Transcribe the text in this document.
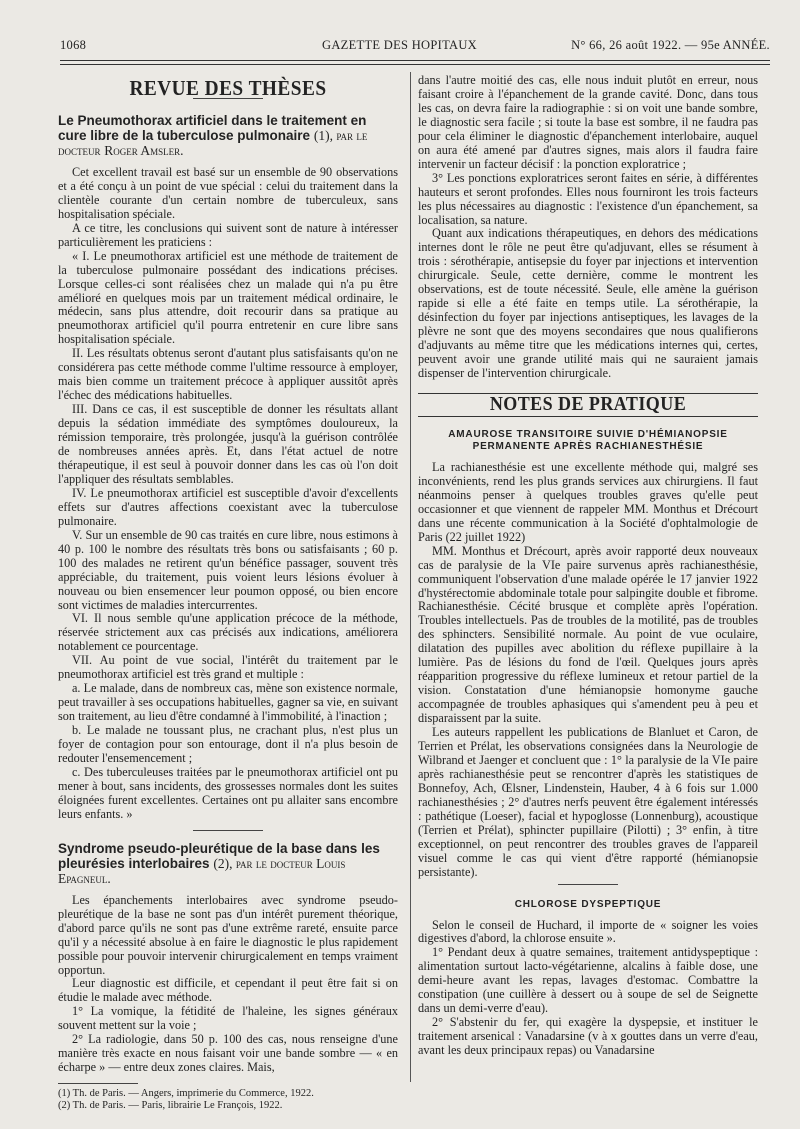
1068	GAZETTE DES HOPITAUX	N° 66, 26 août 1922. — 95e ANNÉE.
REVUE DES THÈSES
Le Pneumothorax artificiel dans le traitement en cure libre de la tuberculose pulmonaire (1), par le docteur Roger Amsler.

Cet excellent travail est basé sur un ensemble de 90 observations et a été conçu à un point de vue spécial : celui du traitement dans la clientèle courante d'un certain nombre de tuberculeux, sans hospitalisation spéciale.

A ce titre, les conclusions qui suivent sont de nature à intéresser particulièrement les praticiens :

« I. Le pneumothorax artificiel est une méthode de traitement de la tuberculose pulmonaire possédant des indications précises. Lorsque celles-ci sont réalisées chez un malade qui n'a pu être amélioré en quelques mois par un traitement médical ordinaire, le médecin, sans plus attendre, doit recourir dans sa pratique au pneumothorax artificiel qu'il pourra entretenir en cure libre sans hospitalisation spéciale.

II. Les résultats obtenus seront d'autant plus satisfaisants qu'on ne considérera pas cette méthode comme l'ultime ressource à employer, mais bien comme un traitement précoce à appliquer aussitôt après l'échec des médications habituelles.

III. Dans ce cas, il est susceptible de donner les résultats allant depuis la sédation immédiate des symptômes douloureux, la rémission temporaire, très prolongée, jusqu'à la guérison contrôlée de nombreuses années après. Et, dans l'état actuel de notre thérapeutique, il est seul à pouvoir donner dans les cas où l'on doit l'appliquer des résultats semblables.

IV. Le pneumothorax artificiel est susceptible d'avoir d'excellents effets sur d'autres affections coexistant avec la tuberculose pulmonaire.

V. Sur un ensemble de 90 cas traités en cure libre, nous estimons à 40 p. 100 le nombre des résultats très bons ou satisfaisants ; 60 p. 100 des malades ne retirent qu'un bénéfice passager, souvent très appréciable, du traitement, puis voient leurs lésions évoluer à nouveau ou bien ensemencer leur poumon opposé, ou bien encore sont victimes de maladies intercurrentes.

VI. Il nous semble qu'une application précoce de la méthode, réservée strictement aux cas précisés aux indications, améliorera notablement ce pourcentage.

VII. Au point de vue social, l'intérêt du traitement par le pneumothorax artificiel est très grand et multiple :

a. Le malade, dans de nombreux cas, mène son existence normale, peut travailler à ses occupations habituelles, gagner sa vie, en suivant son traitement, au lieu d'être condamné à l'immobilité, à l'inaction ;

b. Le malade ne toussant plus, ne crachant plus, n'est plus un foyer de contagion pour son entourage, dont il n'a plus besoin de redouter l'ensemencement ;

c. Des tuberculeuses traitées par le pneumothorax artificiel ont pu mener à bout, sans incidents, des grossesses normales dont les suites éloignées furent excellentes. Certaines ont pu allaiter sans encombre leurs enfants. »

Syndrome pseudo-pleurétique de la base dans les pleurésies interlobaires (2), par le docteur Louis Epagneul.

Les épanchements interlobaires avec syndrome pseudo-pleurétique de la base ne sont pas d'un intérêt purement théorique, d'abord parce qu'ils ne sont pas d'une extrême rareté, ensuite parce qu'il y a nécessité absolue à en faire le diagnostic le plus rapidement possible pour pouvoir intervenir chirurgicalement en temps vraiment opportun.

Leur diagnostic est difficile, et cependant il peut être fait si on étudie le malade avec méthode.

1° La vomique, la fétidité de l'haleine, les signes généraux souvent mettent sur la voie ;

2° La radiologie, dans 50 p. 100 des cas, nous renseigne d'une manière très exacte en nous faisant voir une bande sombre — « en écharpe » — entre deux zones claires. Mais,

(1) Th. de Paris. — Angers, imprimerie du Commerce, 1922.

(2) Th. de Paris. — Paris, librairie Le François, 1922.

dans l'autre moitié des cas, elle nous induit plutôt en erreur, nous faisant croire à l'épanchement de la grande cavité. Donc, dans tous les cas, on devra faire la radiographie : si on voit une bande sombre, le diagnostic sera facile ; si toute la base est sombre, il ne faudra pas pour cela éliminer le diagnostic d'épanchement interlobaire, auquel on aura été amené par d'autres signes, mais alors il faudra faire intervenir un facteur décisif : la ponction exploratrice ;

3° Les ponctions exploratrices seront faites en série, à différentes hauteurs et seront profondes. Elles nous fourniront les trois facteurs les plus nécessaires au diagnostic : l'existence d'un épanchement, sa localisation, sa nature.

Quant aux indications thérapeutiques, en dehors des médications internes dont le rôle ne peut être qu'adjuvant, elles se résument à trois : sérothérapie, antisepsie du foyer par injections et intervention chirurgicale. Seule, cette dernière, comme le montrent les observations, est de toute nécessité. Seule, elle amène la guérison rapide si elle a été faite en temps utile. La sérothérapie, la désinfection du foyer par injections antiseptiques, les lavages de la plèvre ne sont que des moyens secondaires que nous qualifierons d'adjuvants au même titre que les médications internes qui, certes, peuvent avoir une grande utilité mais qui ne sauraient jamais dispenser de l'intervention chirurgicale.

NOTES DE PRATIQUE
AMAUROSE TRANSITOIRE SUIVIE D'HÉMIANOPSIE
PERMANENTE APRÈS RACHIANESTHÉSIE

La rachianesthésie est une excellente méthode qui, malgré ses inconvénients, rend les plus grands services aux chirurgiens. Il faut néanmoins penser à quelques troubles graves qu'elle peut occasionner et que viennent de rappeler MM. Monthus et Drécourt dans une récente communication à la Société d'ophtalmologie de Paris (22 juillet 1922)

MM. Monthus et Drécourt, après avoir rapporté deux nouveaux cas de paralysie de la VIe paire survenus après rachianesthésie, communiquent l'observation d'une malade opérée le 17 janvier 1922 d'hystérectomie abdominale totale pour salpingite double et fibrome. Rachianesthésie. Cécité brusque et complète après l'opération. Troubles intellectuels. Pas de troubles de la motilité, pas de troubles des sphincters. Sensibilité normale. Au point de vue oculaire, dilatation des pupilles avec abolition du réflexe pupillaire à la lumière. Pas de lésions du fond de l'œil. Quelques jours après réapparition progressive du réflexe lumineux et retour partiel de la vision. Constatation d'une hémianopsie homonyme gauche accompagnée de troubles aphasiques qui s'amendent peu à peu et disparaissent par la suite.

Les auteurs rappellent les publications de Blanluet et Caron, de Terrien et Prélat, les observations consignées dans la Neurologie de Wilbrand et Jaenger et concluent que : 1° la paralysie de la VIe paire après rachianesthésie peut se rencontrer d'après les statistiques de Bonnefoy, Ach, Œlsner, Lindenstein, Hauber, 4 à 6 fois sur 1.000 rachianesthésies ; 2° d'autres nerfs peuvent être également intéressés : pathétique (Loeser), facial et hypoglosse (Lonnenburg), acoustique (Terrien et Prélat), sphincter pupillaire (Pilotti) ; 3° enfin, à titre exceptionnel, on peut rencontrer des troubles graves de l'appareil visuel comme le cas qui vient d'être rapporté (hémianopsie persistante).

CHLOROSE DYSPEPTIQUE

Selon le conseil de Huchard, il importe de « soigner les voies digestives d'abord, la chlorose ensuite ».

1° Pendant deux à quatre semaines, traitement antidyspeptique : alimentation surtout lacto-végétarienne, alcalins à faible dose, une demi-heure avant les repas, lavages d'estomac. Combattre la constipation (une cuillère à dessert ou à soupe de sel de Seignette dans un demi-verre d'eau).

2° S'abstenir du fer, qui exagère la dyspepsie, et instituer le traitement arsenical : Vanadarsine (v à x gouttes dans un verre d'eau, avant les deux principaux repas) ou Vanadarsine
